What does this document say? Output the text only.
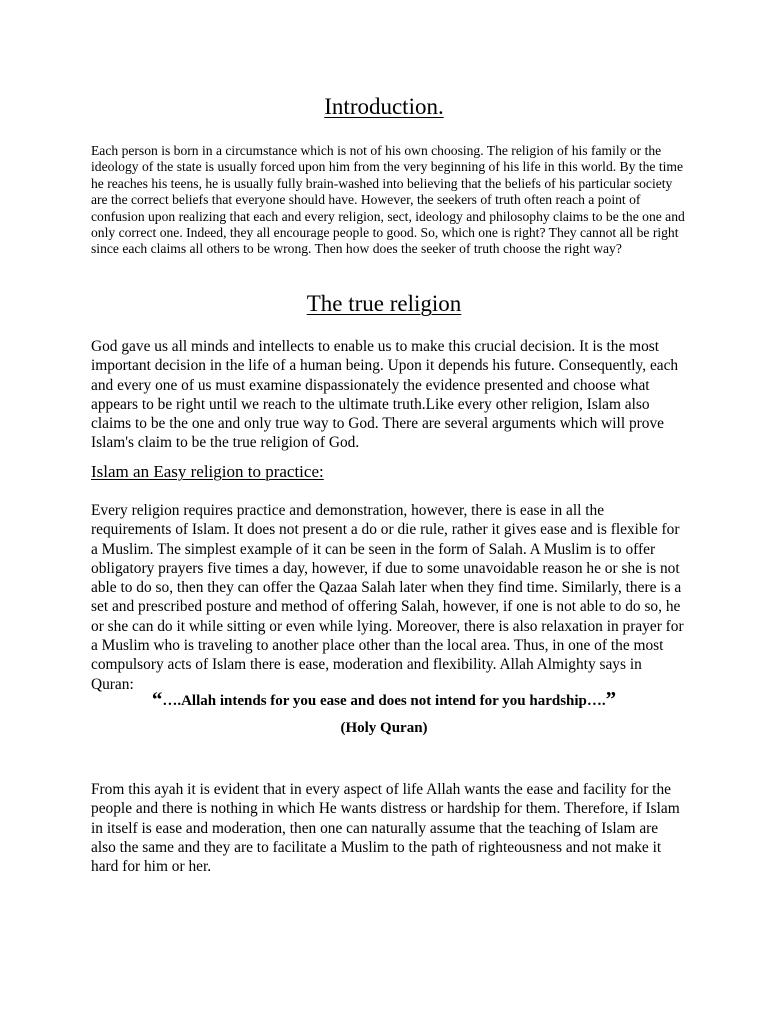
Introduction.

Each person is born in a circumstance which is not of his own choosing. The religion of his family or the ideology of the state is usually forced upon him from the very beginning of his life in this world. By the time he reaches his teens, he is usually fully brain-washed into believing that the beliefs of his particular society are the correct beliefs that everyone should have. However, the seekers of truth often reach a point of confusion upon realizing that each and every religion, sect, ideology and philosophy claims to be the one and only correct one. Indeed, they all encourage people to good. So, which one is right? They cannot all be right since each claims all others to be wrong. Then how does the seeker of truth choose the right way?

The true religion

God gave us all minds and intellects to enable us to make this crucial decision. It is the most important decision in the life of a human being. Upon it depends his future. Consequently, each and every one of us must examine dispassionately the evidence presented and choose what appears to be right until we reach to the ultimate truth.Like every other religion, Islam also claims to be the one and only true way to God. There are several arguments which will prove Islam's claim to be the true religion of God.

Islam an Easy religion to practice:

Every religion requires practice and demonstration, however, there is ease in all the requirements of Islam. It does not present a do or die rule, rather it gives ease and is flexible for a Muslim. The simplest example of it can be seen in the form of Salah. A Muslim is to offer obligatory prayers five times a day, however, if due to some unavoidable reason he or she is not able to do so, then they can offer the Qazaa Salah later when they find time. Similarly, there is a set and prescribed posture and method of offering Salah, however, if one is not able to do so, he or she can do it while sitting or even while lying. Moreover, there is also relaxation in prayer for a Muslim who is traveling to another place other than the local area. Thus, in one of the most compulsory acts of Islam there is ease, moderation and flexibility. Allah Almighty says in Quran:

“….Allah intends for you ease and does not intend for you hardship….”

(Holy Quran)

From this ayah it is evident that in every aspect of life Allah wants the ease and facility for the people and there is nothing in which He wants distress or hardship for them. Therefore, if Islam in itself is ease and moderation, then one can naturally assume that the teaching of Islam are also the same and they are to facilitate a Muslim to the path of righteousness and not make it hard for him or her.
